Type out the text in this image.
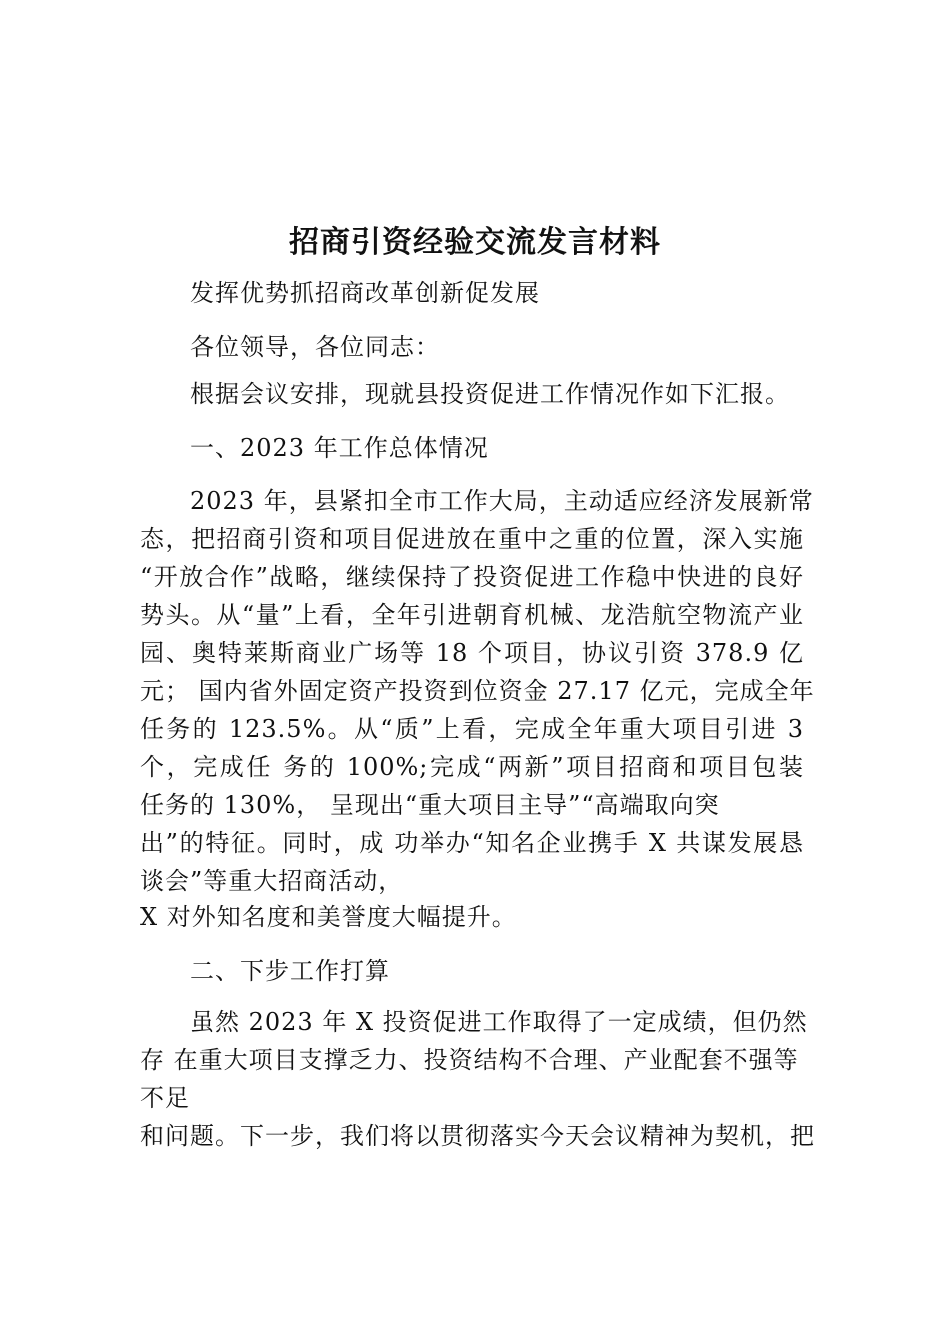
招商引资经验交流发言材料
发挥优势抓招商改革创新促发展
各位领导，各位同志：
根据会议安排，现就县投资促进工作情况作如下汇报。
一、2023 年工作总体情况
2023 年，县紧扣全市工作大局，主动适应经济发展新常
态，把招商引资和项目促进放在重中之重的位置，深入实施
“开放合作”战略，继续保持了投资促进工作稳中快进的良好
势头。从“量”上看，全年引进朝育机械、龙浩航空物流产业
园、奥特莱斯商业广场等 18 个项目，协议引资 378.9 亿
元； 国内省外固定资产投资到位资金 27.17 亿元，完成全年
任务的 123.5%。从“质”上看，完成全年重大项目引进 3
个，完成任 务的 100%;完成“两新”项目招商和项目包装
任务的 130%， 呈现出“重大项目主导”“高端取向突
出”的特征。同时，成 功举办“知名企业携手 X 共谋发展恳
谈会”等重大招商活动，
X 对外知名度和美誉度大幅提升。
二、下步工作打算
虽然 2023 年 X 投资促进工作取得了一定成绩，但仍然
存 在重大项目支撑乏力、投资结构不合理、产业配套不强等
不足
和问题。下一步，我们将以贯彻落实今天会议精神为契机，把
